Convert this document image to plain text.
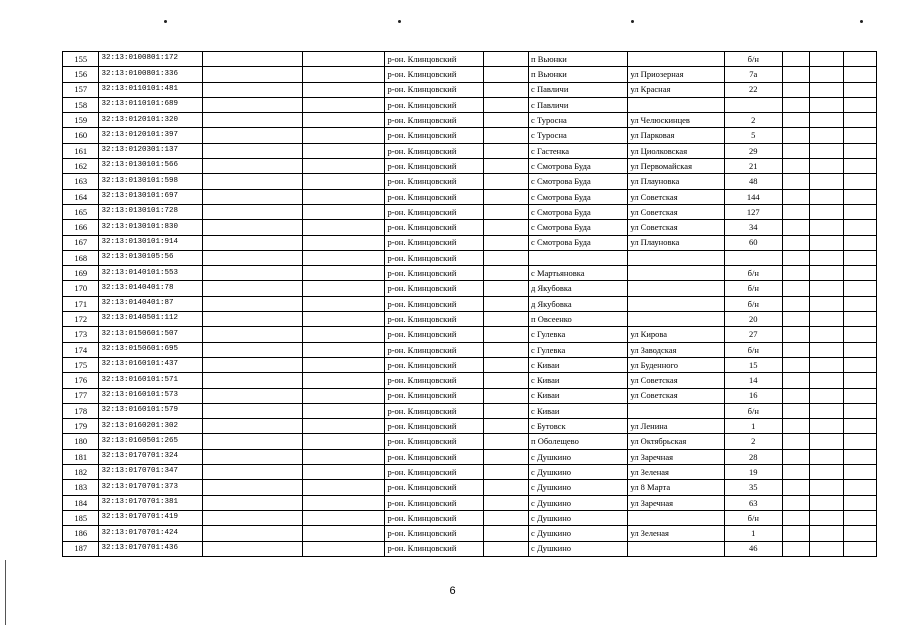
155	32:13:0100801:172			р-он. Клинцовский		п Вьюнки		б/н			
156	32:13:0100801:336			р-он. Клинцовский		п Вьюнки	ул Приозерная	7а			
157	32:13:0110101:481			р-он. Клинцовский		с Павличи	ул Красная	22			
158	32:13:0110101:689			р-он. Клинцовский		с Павличи					
159	32:13:0120101:320			р-он. Клинцовский		с Туросна	ул Челюскинцев	2			
160	32:13:0120101:397			р-он. Клинцовский		с Туросна	ул Парковая	5			
161	32:13:0120301:137			р-он. Клинцовский		с Гастенка	ул Циолковская	29			
162	32:13:0130101:566			р-он. Клинцовский		с Смотрова Буда	ул Первомайская	21			
163	32:13:0130101:598			р-он. Клинцовский		с Смотрова Буда	ул Плауновка	48			
164	32:13:0130101:697			р-он. Клинцовский		с Смотрова Буда	ул Советская	144			
165	32:13:0130101:728			р-он. Клинцовский		с Смотрова Буда	ул Советская	127			
166	32:13:0130101:830			р-он. Клинцовский		с Смотрова Буда	ул Советская	34			
167	32:13:0130101:914			р-он. Клинцовский		с Смотрова Буда	ул Плауновка	60			
168	32:13:0130105:56			р-он. Клинцовский							
169	32:13:0140101:553			р-он. Клинцовский		с Мартьяновка		б/н			
170	32:13:0140401:78			р-он. Клинцовский		д Якубовка		б/н			
171	32:13:0140401:87			р-он. Клинцовский		д Якубовка		б/н			
172	32:13:0140501:112			р-он. Клинцовский		п Овсеенко		20			
173	32:13:0150601:507			р-он. Клинцовский		с Гулевка	ул Кирова	27			
174	32:13:0150601:695			р-он. Клинцовский		с Гулевка	ул Заводская	б/н			
175	32:13:0160101:437			р-он. Клинцовский		с Киваи	ул Буденного	15			
176	32:13:0160101:571			р-он. Клинцовский		с Киваи	ул Советская	14			
177	32:13:0160101:573			р-он. Клинцовский		с Киваи	ул Советская	16			
178	32:13:0160101:579			р-он. Клинцовский		с Киваи		б/н			
179	32:13:0160201:302			р-он. Клинцовский		с Бутовск	ул Ленина	1			
180	32:13:0160501:265			р-он. Клинцовский		п Оболещево	ул Октябрьская	2			
181	32:13:0170701:324			р-он. Клинцовский		с Душкино	ул Заречная	28			
182	32:13:0170701:347			р-он. Клинцовский		с Душкино	ул Зеленая	19			
183	32:13:0170701:373			р-он. Клинцовский		с Душкино	ул 8 Марта	35			
184	32:13:0170701:381			р-он. Клинцовский		с Душкино	ул Заречная	63			
185	32:13:0170701:419			р-он. Клинцовский		с Душкино		б/н			
186	32:13:0170701:424			р-он. Клинцовский		с Душкино	ул Зеленая	1			
187	32:13:0170701:436			р-он. Клинцовский		с Душкино		46			
6
